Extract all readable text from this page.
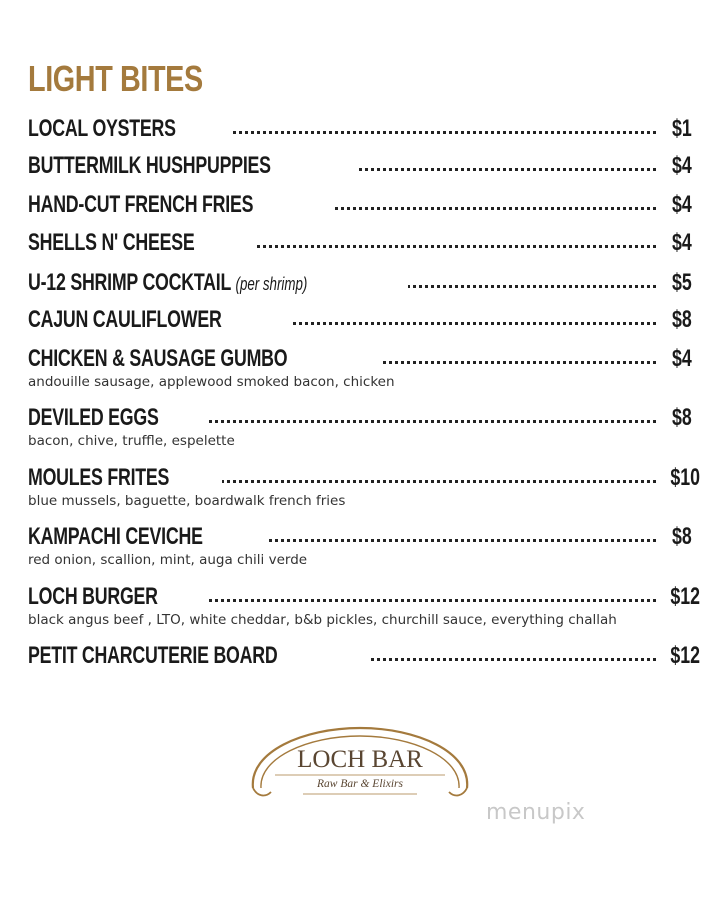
LIGHT BITES
LOCAL OYSTERS	$1
BUTTERMILK HUSHPUPPIES	$4
HAND-CUT FRENCH FRIES	$4
SHELLS N' CHEESE	$4
U-12 SHRIMP COCKTAIL (per shrimp)	$5
CAJUN CAULIFLOWER	$8
CHICKEN & SAUSAGE GUMBO	$4
andouille sausage, applewood smoked bacon, chicken
DEVILED EGGS	$8
bacon, chive, truffle, espelette
MOULES FRITES	$10
blue mussels, baguette, boardwalk french fries
KAMPACHI CEVICHE	$8
red onion, scallion, mint, auga chili verde
LOCH BURGER	$12
black angus beef , LTO, white cheddar, b&b pickles, churchill sauce, everything challah
PETIT CHARCUTERIE BOARD	$12
LOCH BAR
Raw Bar & Elixirs
menupix
